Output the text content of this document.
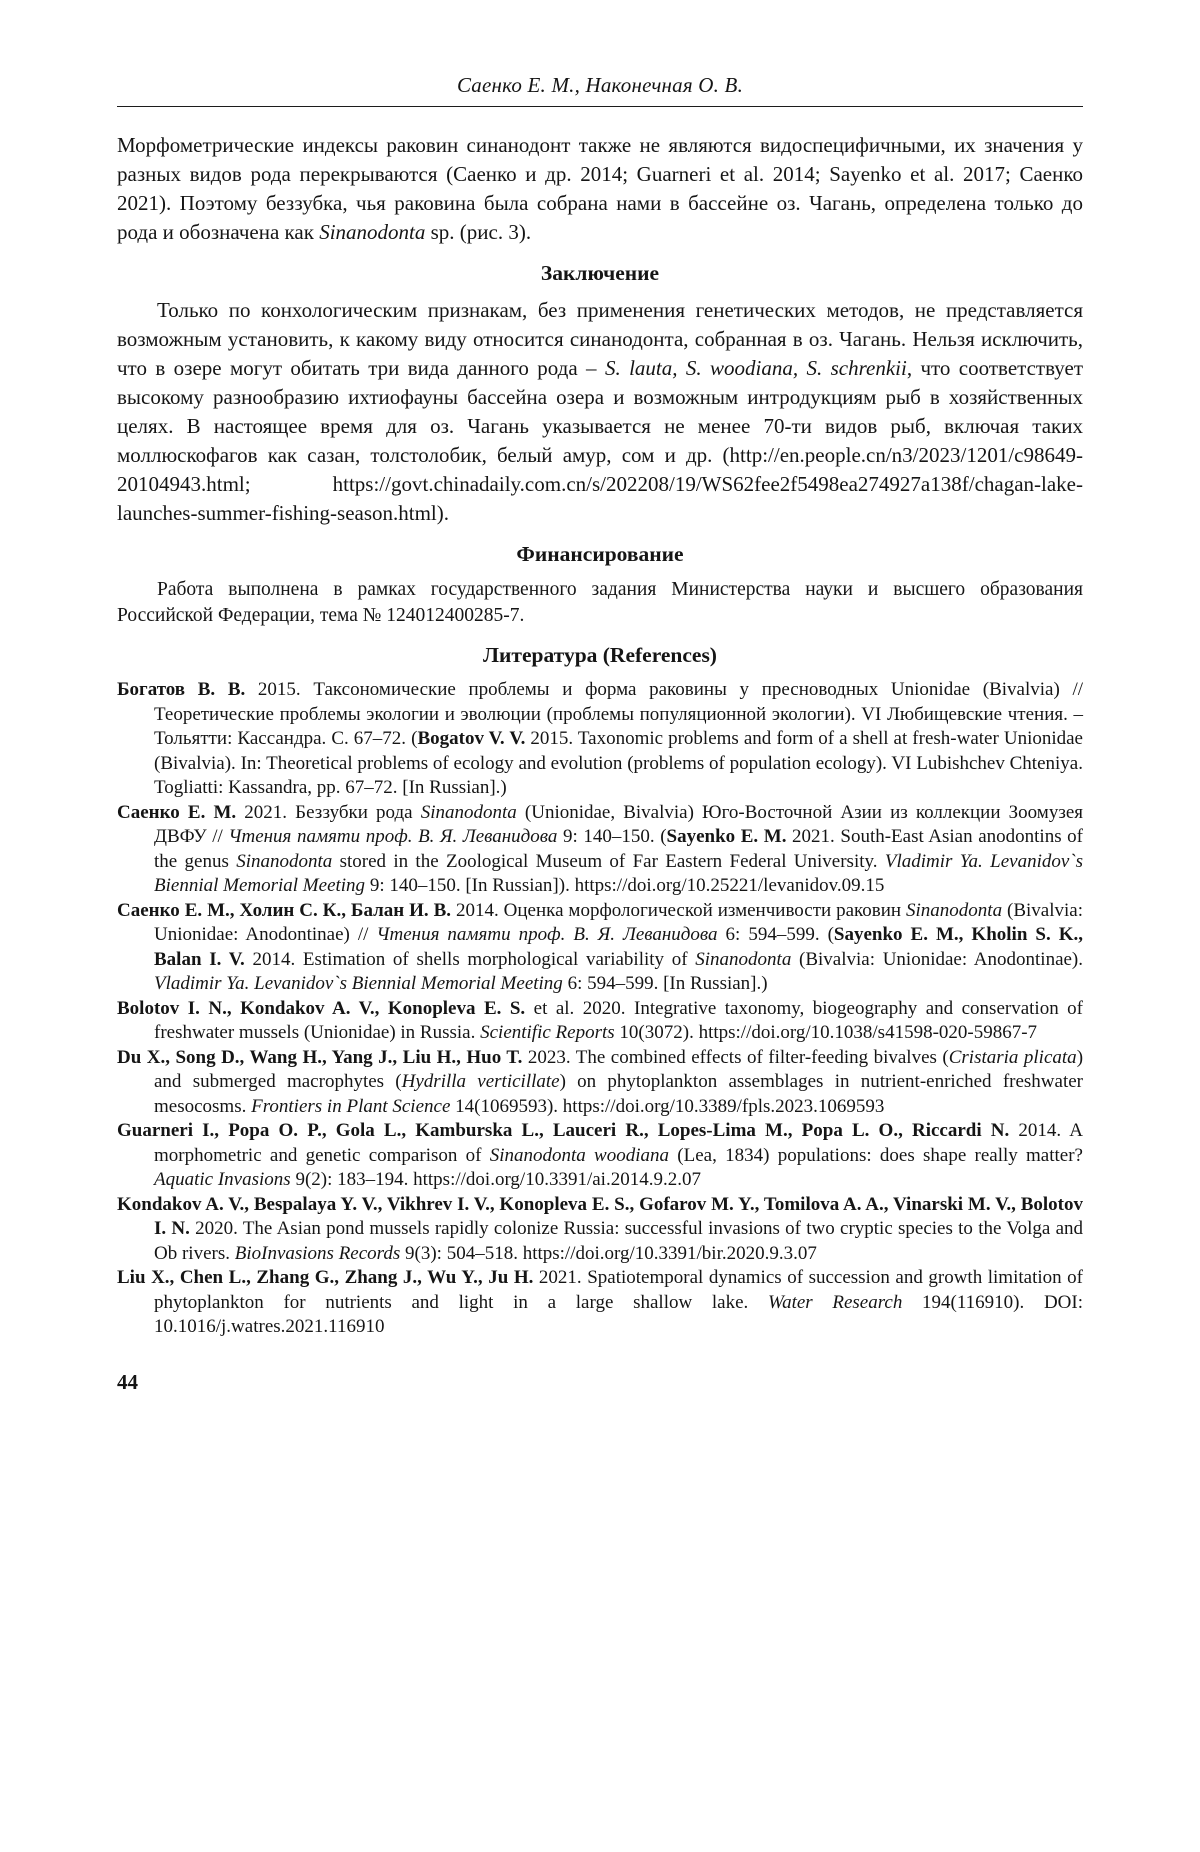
Саенко Е. М., Наконечная О. В.

Морфометрические индексы раковин синанодонт также не являются видоспецифичными, их значения у разных видов рода перекрываются (Саенко и др. 2014; Guarneri et al. 2014; Sayenko et al. 2017; Саенко 2021). Поэтому беззубка, чья раковина была собрана нами в бассейне оз. Чагань, определена только до рода и обозначена как Sinanodonta sp. (рис. 3).

Заключение

Только по конхологическим признакам, без применения генетических методов, не представляется возможным установить, к какому виду относится синанодонта, собранная в оз. Чагань. Нельзя исключить, что в озере могут обитать три вида данного рода – S. lauta, S. woodiana, S. schrenkii, что соответствует высокому разнообразию ихтиофауны бассейна озера и возможным интродукциям рыб в хозяйственных целях. В настоящее время для оз. Чагань указывается не менее 70-ти видов рыб, включая таких моллюскофагов как сазан, толстолобик, белый амур, сом и др. (http://en.people.cn/n3/2023/1201/c98649-20104943.html; https://govt.chinadaily.com.cn/s/202208/19/WS62fee2f5498ea274927a138f/chagan-lake-launches-summer-fishing-season.html).

Финансирование

Работа выполнена в рамках государственного задания Министерства науки и высшего образования Российской Федерации, тема № 124012400285-7.

Литература (References)

Богатов В. В. 2015. Таксономические проблемы и форма раковины у пресноводных Unionidae (Bivalvia) // Теоретические проблемы экологии и эволюции (проблемы популяционной экологии). VI Любищевские чтения. – Тольятти: Кассандра. С. 67–72. (Bogatov V. V. 2015. Taxonomic problems and form of a shell at fresh-water Unionidae (Bivalvia). In: Theoretical problems of ecology and evolution (problems of population ecology). VI Lubishchev Chteniya. Togliatti: Kassandra, pp. 67–72. [In Russian].)

Саенко Е. М. 2021. Беззубки рода Sinanodonta (Unionidae, Bivalvia) Юго-Восточной Азии из коллекции Зоомузея ДВФУ // Чтения памяти проф. В. Я. Леванидова 9: 140–150. (Sayenko E. M. 2021. South-East Asian anodontins of the genus Sinanodonta stored in the Zoological Museum of Far Eastern Federal University. Vladimir Ya. Levanidov`s Biennial Memorial Meeting 9: 140–150. [In Russian]). https://doi.org/10.25221/levanidov.09.15

Саенко Е. М., Холин С. К., Балан И. В. 2014. Оценка морфологической изменчивости раковин Sinanodonta (Bivalvia: Unionidae: Anodontinae) // Чтения памяти проф. В. Я. Леванидова 6: 594–599. (Sayenko E. M., Kholin S. K., Balan I. V. 2014. Estimation of shells morphological variability of Sinanodonta (Bivalvia: Unionidae: Anodontinae). Vladimir Ya. Levanidov`s Biennial Memorial Meeting 6: 594–599. [In Russian].)

Bolotov I. N., Kondakov A. V., Konopleva E. S. et al. 2020. Integrative taxonomy, biogeography and conservation of freshwater mussels (Unionidae) in Russia. Scientific Reports 10(3072). https://doi.org/10.1038/s41598-020-59867-7

Du X., Song D., Wang H., Yang J., Liu H., Huo T. 2023. The combined effects of filter-feeding bivalves (Cristaria plicata) and submerged macrophytes (Hydrilla verticillate) on phytoplankton assemblages in nutrient-enriched freshwater mesocosms. Frontiers in Plant Science 14(1069593). https://doi.org/10.3389/fpls.2023.1069593

Guarneri I., Popa O. P., Gola L., Kamburska L., Lauceri R., Lopes-Lima M., Popa L. O., Riccardi N. 2014. A morphometric and genetic comparison of Sinanodonta woodiana (Lea, 1834) populations: does shape really matter? Aquatic Invasions 9(2): 183–194. https://doi.org/10.3391/ai.2014.9.2.07

Kondakov A. V., Bespalaya Y. V., Vikhrev I. V., Konopleva E. S., Gofarov M. Y., Tomilova A. A., Vinarski M. V., Bolotov I. N. 2020. The Asian pond mussels rapidly colonize Russia: successful invasions of two cryptic species to the Volga and Ob rivers. BioInvasions Records 9(3): 504–518. https://doi.org/10.3391/bir.2020.9.3.07

Liu X., Chen L., Zhang G., Zhang J., Wu Y., Ju H. 2021. Spatiotemporal dynamics of succession and growth limitation of phytoplankton for nutrients and light in a large shallow lake. Water Research 194(116910). DOI: 10.1016/j.watres.2021.116910

44
